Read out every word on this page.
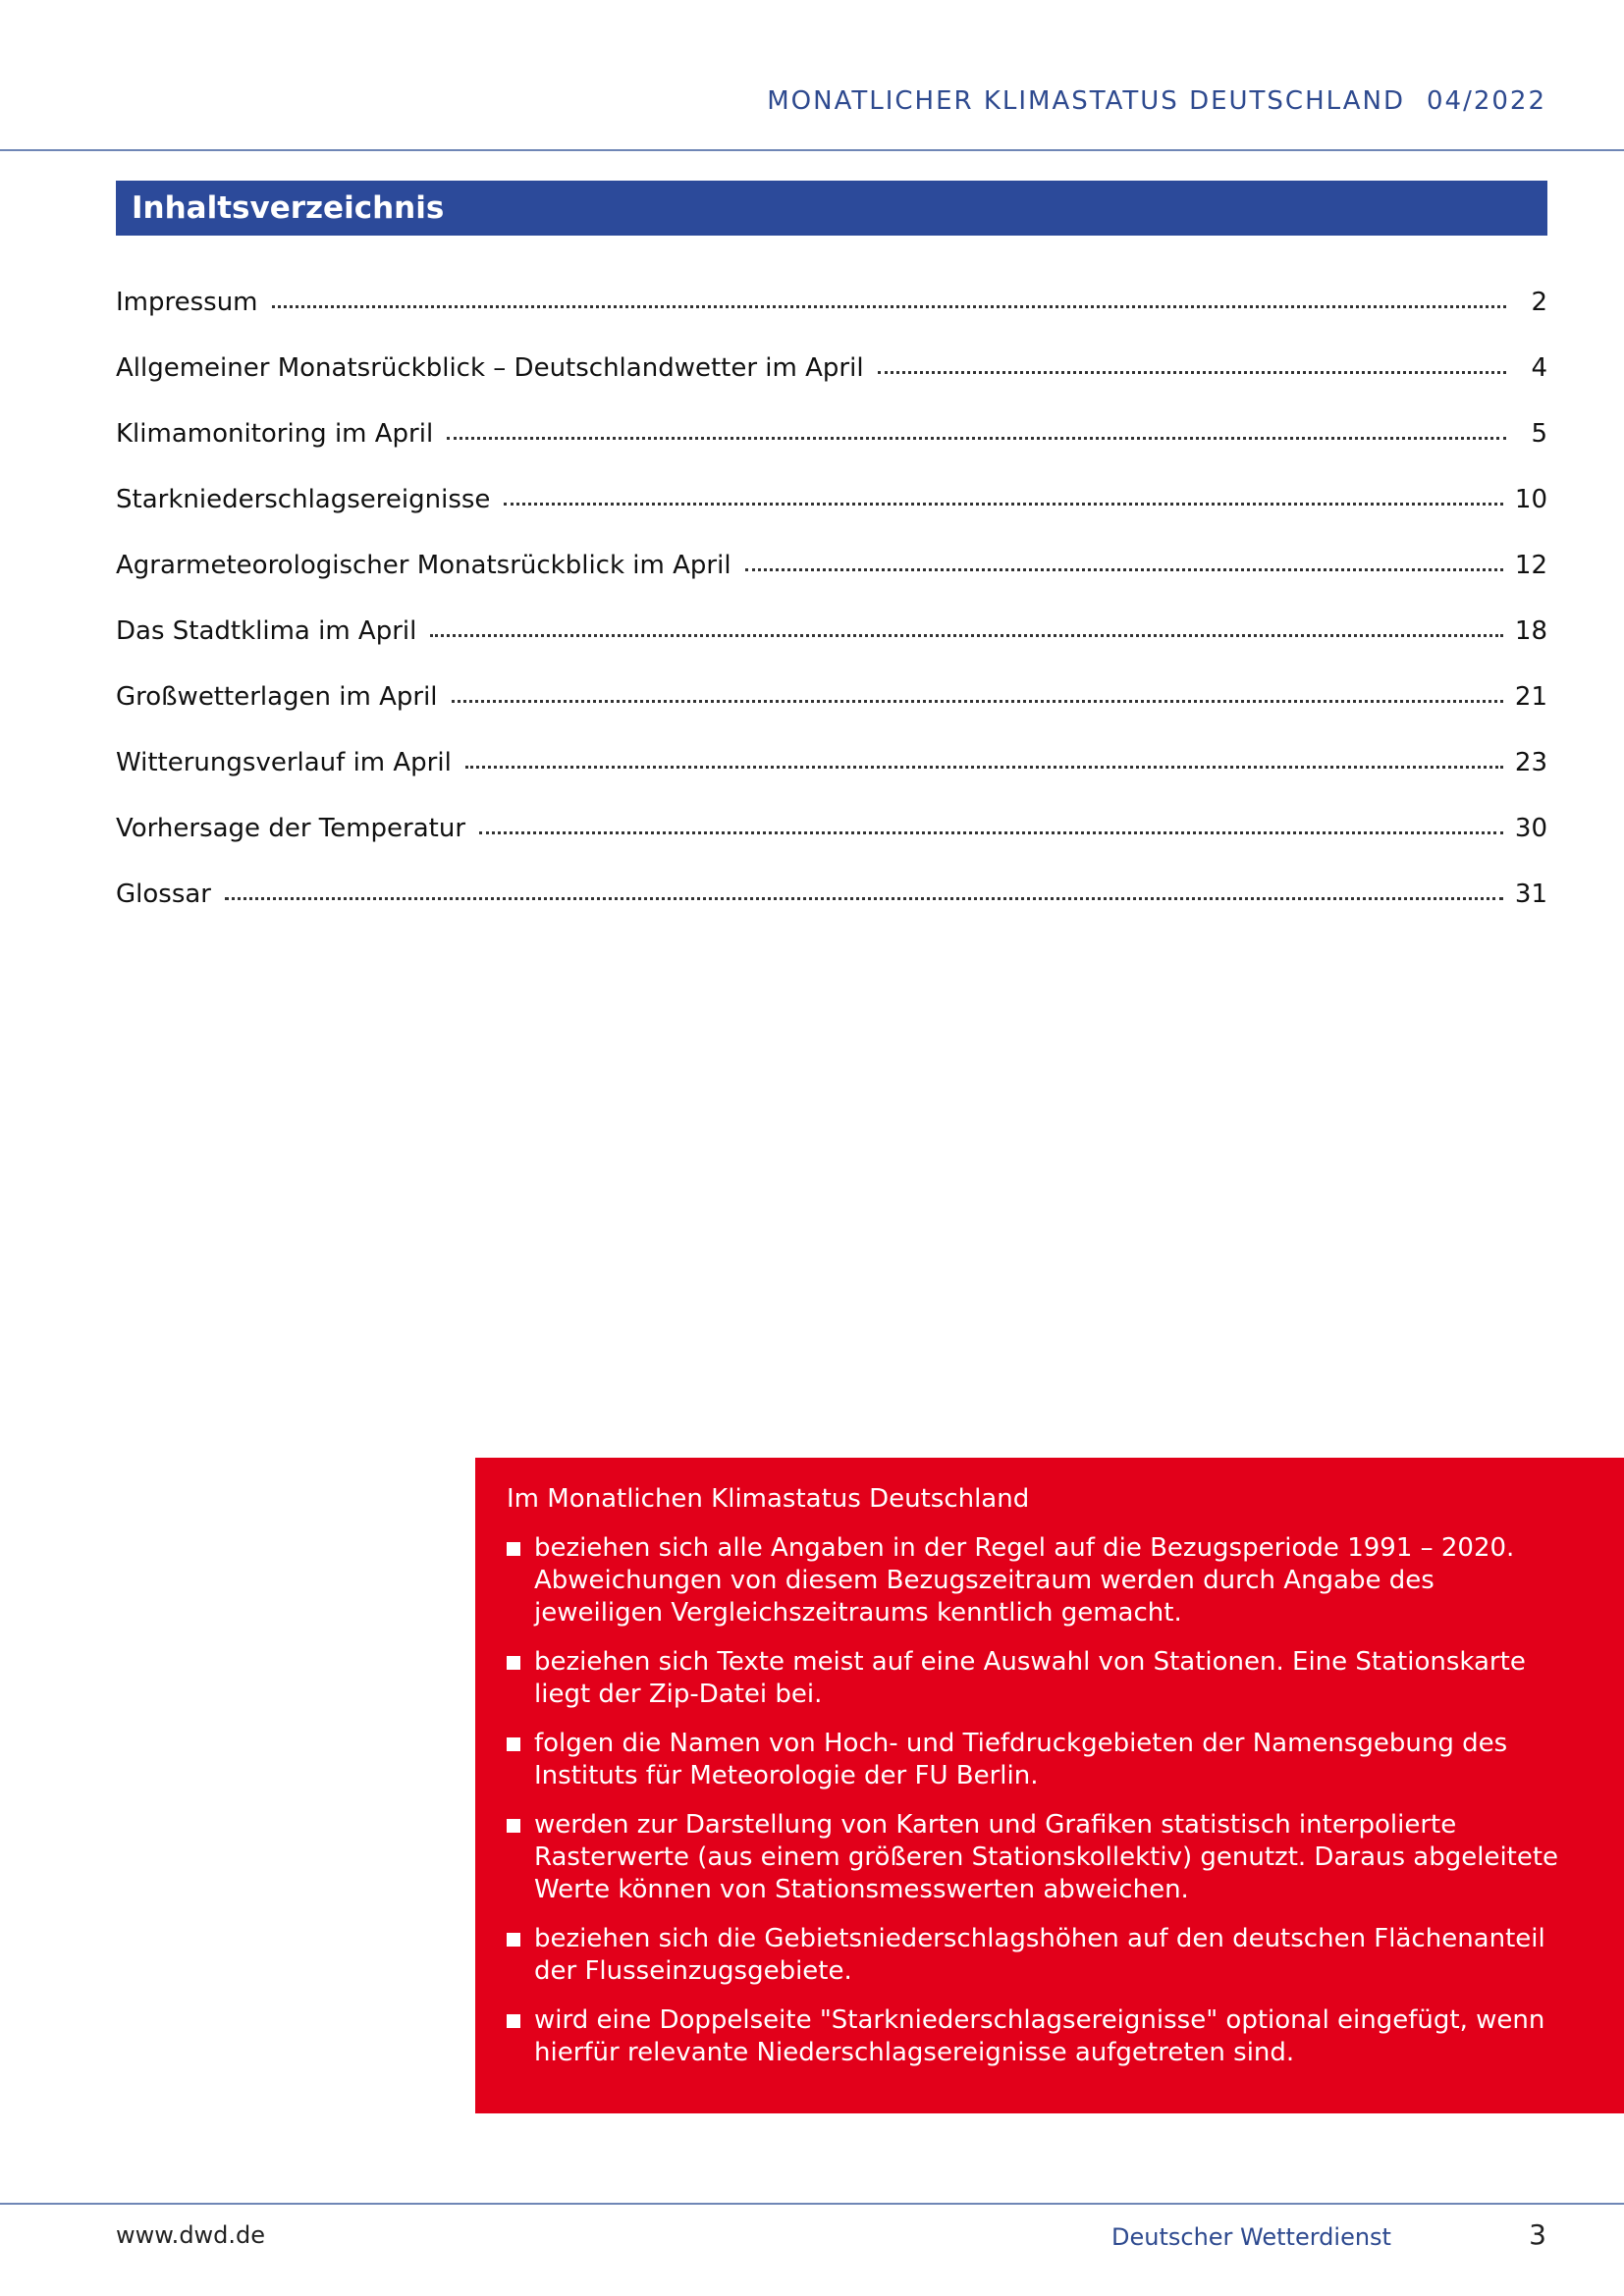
MONATLICHER KLIMASTATUS DEUTSCHLAND 04/2022
Inhaltsverzeichnis
Impressum	2
Allgemeiner Monatsrückblick – Deutschlandwetter im April	4
Klimamonitoring im April	5
Starkniederschlagsereignisse	10
Agrarmeteorologischer Monatsrückblick im April	12
Das Stadtklima im April	18
Großwetterlagen im April	21
Witterungsverlauf im April	23
Vorhersage der Temperatur	30
Glossar	31

Im Monatlichen Klimastatus Deutschland

beziehen sich alle Angaben in der Regel auf die Bezugsperiode 1991 – 2020. Abweichungen von diesem Bezugszeitraum werden durch Angabe des jeweiligen Vergleichszeitraums kenntlich gemacht.
beziehen sich Texte meist auf eine Auswahl von Stationen. Eine Stationskarte liegt der Zip-Datei bei.
folgen die Namen von Hoch- und Tiefdruckgebieten der Namensgebung des Instituts für Meteorologie der FU Berlin.
werden zur Darstellung von Karten und Grafiken statistisch interpolierte Rasterwerte (aus einem größeren Stationskollektiv) genutzt. Daraus abgeleitete Werte können von Stationsmesswerten abweichen.
beziehen sich die Gebietsniederschlagshöhen auf den deutschen Flächenanteil der Flusseinzugsgebiete.
wird eine Doppelseite "Starkniederschlagsereignisse" optional eingefügt, wenn hierfür relevante Niederschlagsereignisse aufgetreten sind.
www.dwd.de	Deutscher Wetterdienst	3
